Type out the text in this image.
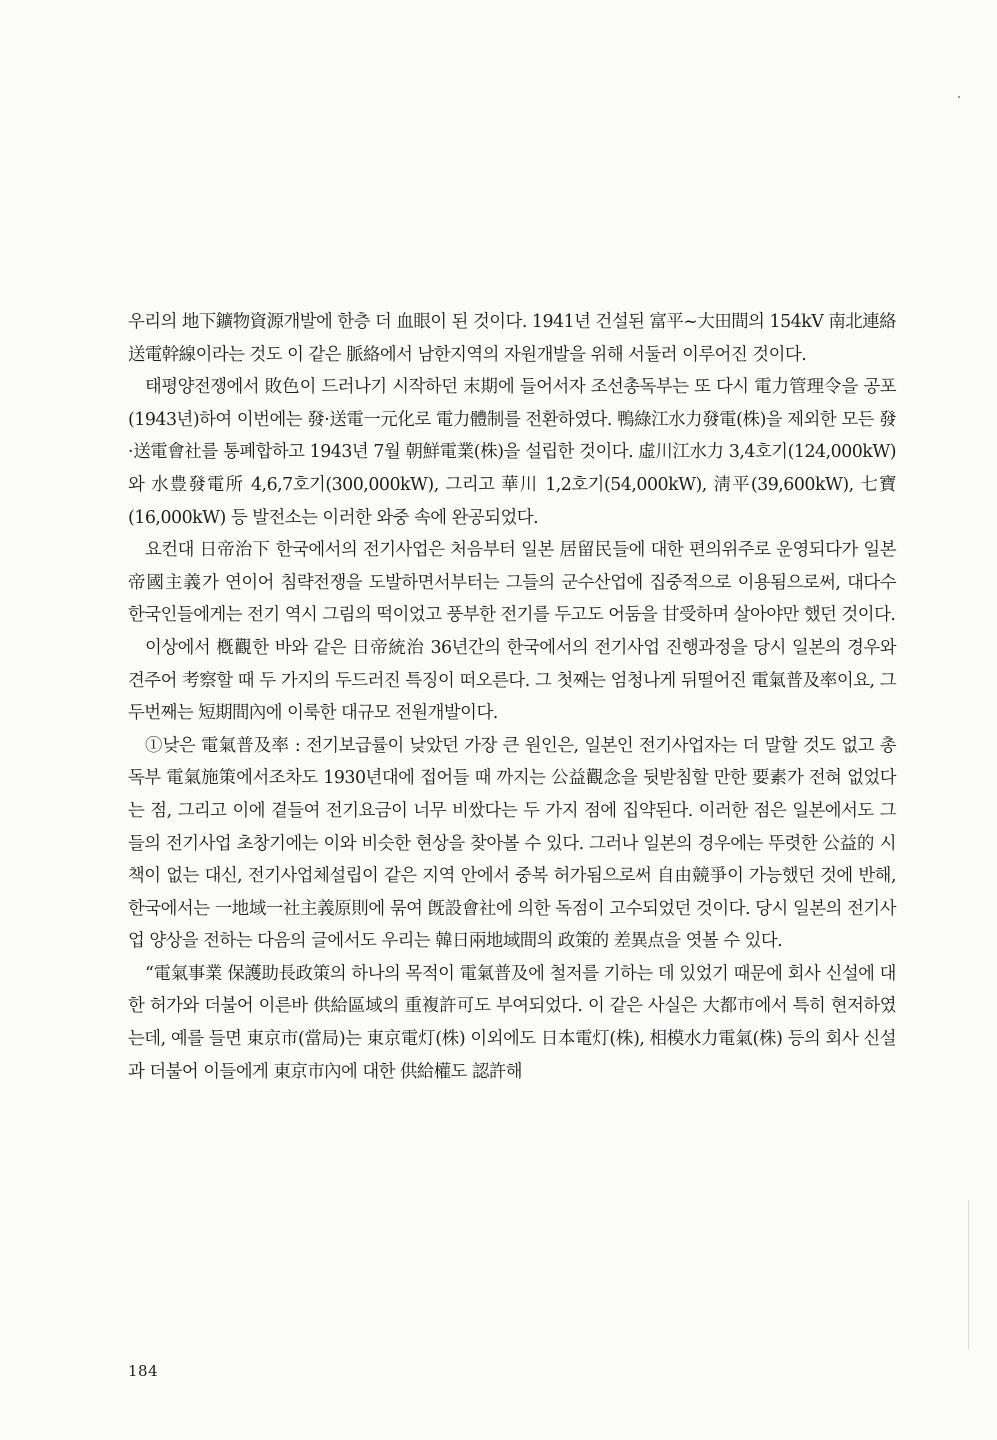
우리의 地下鑛物資源개발에 한층 더 血眼이 된 것이다. 1941년 건설된 富平~大田間의 154kV 南北連絡送電幹線이라는 것도 이 같은 脈絡에서 남한지역의 자원개발을 위해 서둘러 이루어진 것이다.

태평양전쟁에서 敗色이 드러나기 시작하던 末期에 들어서자 조선총독부는 또 다시 電力管理令을 공포(1943년)하여 이번에는 發·送電一元化로 電力體制를 전환하였다. 鴨綠江水力發電(株)을 제외한 모든 發·送電會社를 통폐합하고 1943년 7월 朝鮮電業(株)을 설립한 것이다. 虛川江水力 3,4호기(124,000kW)와 水豊發電所 4,6,7호기(300,000kW), 그리고 華川 1,2호기(54,000kW), 淸平(39,600kW), 七寶(16,000kW) 등 발전소는 이러한 와중 속에 완공되었다.

요컨대 日帝治下 한국에서의 전기사업은 처음부터 일본 居留民들에 대한 편의위주로 운영되다가 일본 帝國主義가 연이어 침략전쟁을 도발하면서부터는 그들의 군수산업에 집중적으로 이용됨으로써, 대다수 한국인들에게는 전기 역시 그림의 떡이었고 풍부한 전기를 두고도 어둠을 甘受하며 살아야만 했던 것이다.

이상에서 槪觀한 바와 같은 日帝統治 36년간의 한국에서의 전기사업 진행과정을 당시 일본의 경우와 견주어 考察할 때 두 가지의 두드러진 특징이 떠오른다. 그 첫째는 엄청나게 뒤떨어진 電氣普及率이요, 그 두번째는 短期間內에 이룩한 대규모 전원개발이다.

①낮은 電氣普及率 : 전기보급률이 낮았던 가장 큰 원인은, 일본인 전기사업자는 더 말할 것도 없고 총독부 電氣施策에서조차도 1930년대에 접어들 때 까지는 公益觀念을 뒷받침할 만한 要素가 전혀 없었다는 점, 그리고 이에 곁들여 전기요금이 너무 비쌌다는 두 가지 점에 집약된다. 이러한 점은 일본에서도 그들의 전기사업 초창기에는 이와 비슷한 현상을 찾아볼 수 있다. 그러나 일본의 경우에는 뚜렷한 公益的 시책이 없는 대신, 전기사업체설립이 같은 지역 안에서 중복 허가됨으로써 自由競爭이 가능했던 것에 반해, 한국에서는 一地域一社主義原則에 묶여 旣設會社에 의한 독점이 고수되었던 것이다. 당시 일본의 전기사업 양상을 전하는 다음의 글에서도 우리는 韓日兩地域間의 政策的 差異点을 엿볼 수 있다.

“電氣事業 保護助長政策의 하나의 목적이 電氣普及에 철저를 기하는 데 있었기 때문에 회사 신설에 대한 허가와 더불어 이른바 供給區域의 重複許可도 부여되었다. 이 같은 사실은 大都市에서 특히 현저하였는데, 예를 들면 東京市(當局)는 東京電灯(株) 이외에도 日本電灯(株), 相模水力電氣(株) 등의 회사 신설과 더불어 이들에게 東京市內에 대한 供給權도 認許해

184
